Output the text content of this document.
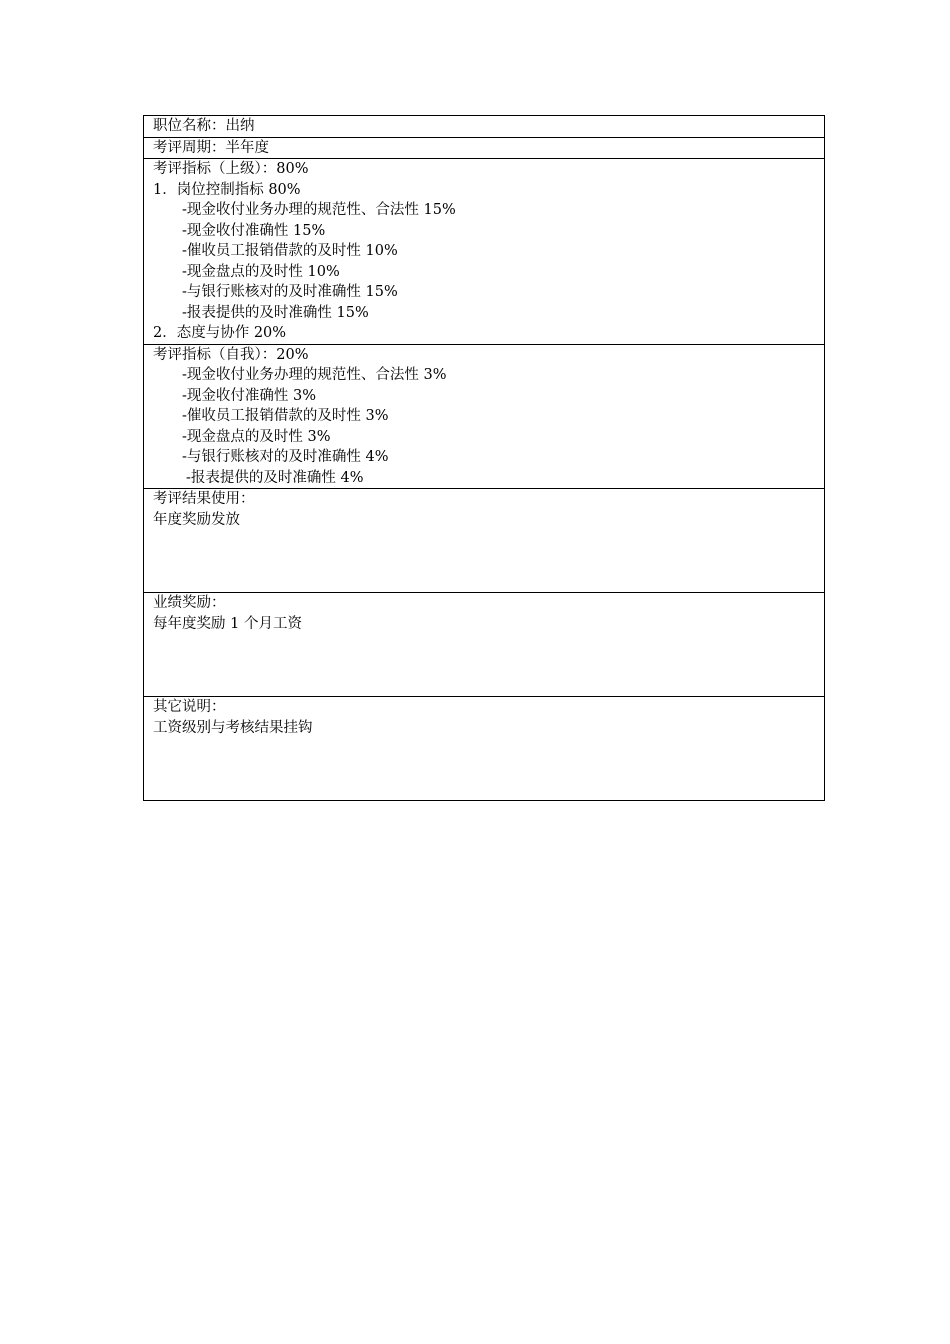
职位名称：出纳
考评周期：半年度
考评指标（上级）：80%
1．岗位控制指标 80%
-现金收付业务办理的规范性、合法性 15%
-现金收付准确性 15%
-催收员工报销借款的及时性 10%
-现金盘点的及时性 10%
-与银行账核对的及时准确性 15%
-报表提供的及时准确性 15%
2．态度与协作 20%
考评指标（自我）：20%
-现金收付业务办理的规范性、合法性 3%
-现金收付准确性 3%
-催收员工报销借款的及时性 3%
-现金盘点的及时性 3%
-与银行账核对的及时准确性 4%
-报表提供的及时准确性 4%
考评结果使用：
年度奖励发放
业绩奖励：
每年度奖励 1 个月工资
其它说明：
工资级别与考核结果挂钩
